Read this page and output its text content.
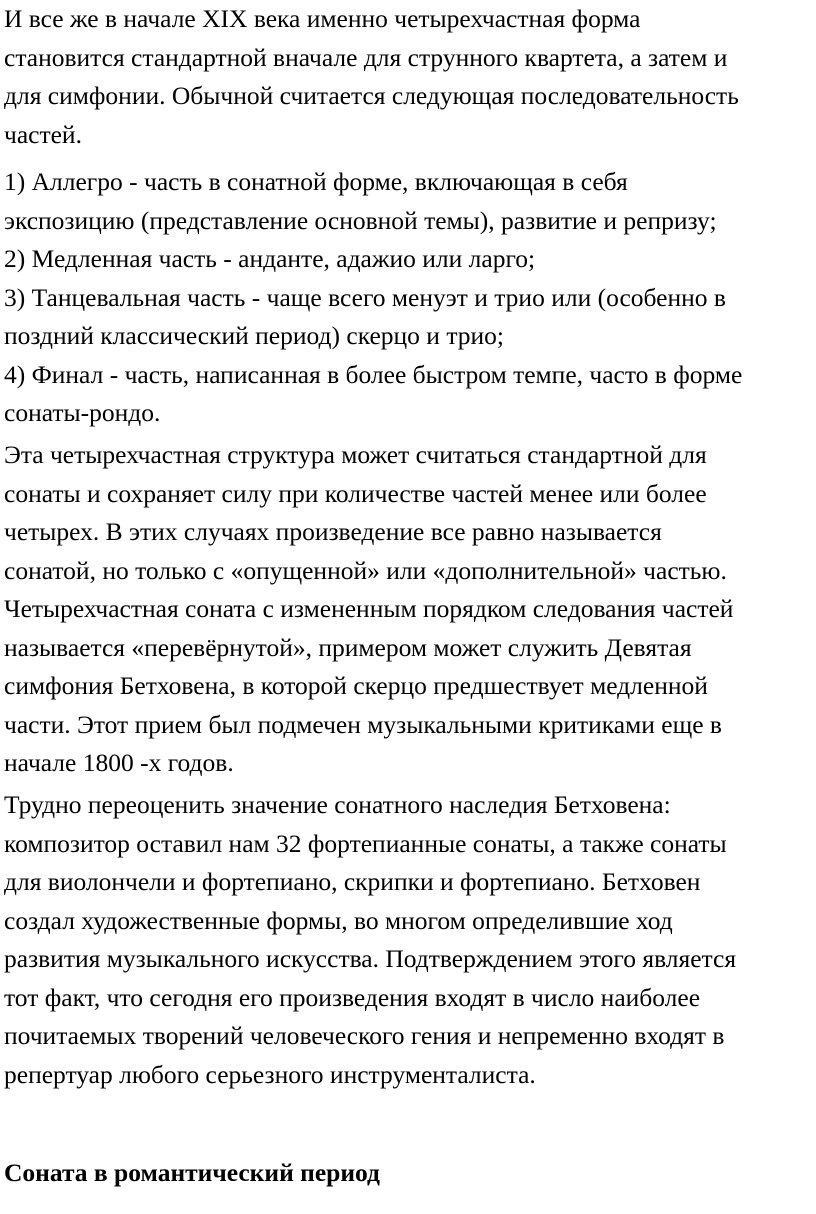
И все же в начале XIX века именно четырехчастная форма
становится стандартной вначале для струнного квартета, а затем и
для симфонии. Обычной считается следующая последовательность
частей.
1) Аллегро - часть в сонатной форме, включающая в себя
экспозицию (представление основной темы), развитие и репризу;
2) Медленная часть - анданте, адажио или ларго;
3) Танцевальная часть - чаще всего менуэт и трио или (особенно в
поздний классический период) скерцо и трио;
4) Финал - часть, написанная в более быстром темпе, часто в форме
сонаты-рондо.
Эта четырехчастная структура может считаться стандартной для
сонаты и сохраняет силу при количестве частей менее или более
четырех. В этих случаях произведение все равно называется
сонатой, но только с «опущенной» или «дополнительной» частью.
Четырехчастная соната с измененным порядком следования частей
называется «перевёрнутой», примером может служить Девятая
симфония Бетховена, в которой скерцо предшествует медленной
части. Этот прием был подмечен музыкальными критиками еще в
начале 1800 -х годов.
Трудно переоценить значение сонатного наследия Бетховена:
композитор оставил нам 32 фортепианные сонаты, а также сонаты
для виолончели и фортепиано, скрипки и фортепиано. Бетховен
создал художественные формы, во многом определившие ход
развития музыкального искусства. Подтверждением этого является
тот факт, что сегодня его произведения входят в число наиболее
почитаемых творений человеческого гения и непременно входят в
репертуар любого серьезного инструменталиста.
Соната в романтический период
